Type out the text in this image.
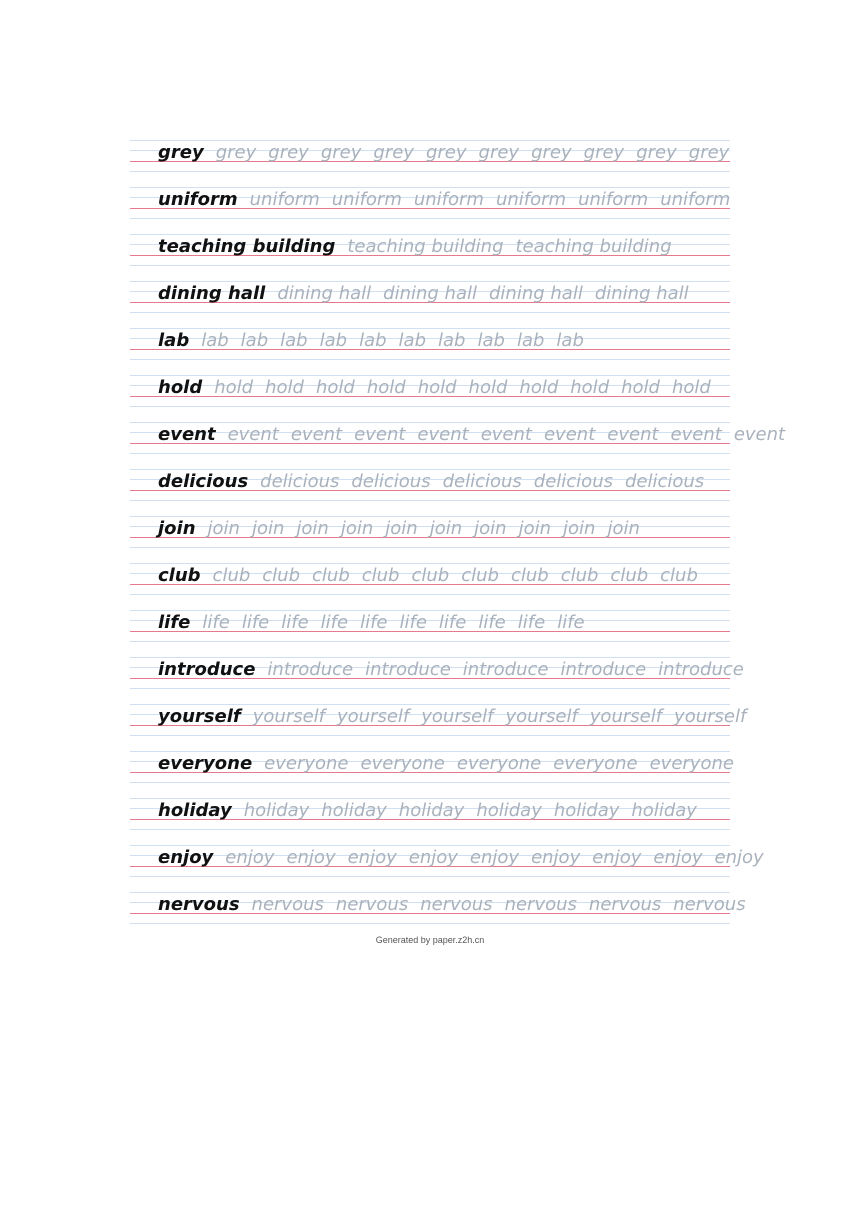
grey grey grey grey grey grey grey grey grey grey grey
uniform uniform uniform uniform uniform uniform uniform
teaching building teaching building teaching building
dining hall dining hall dining hall dining hall dining hall
lab lab lab lab lab lab lab lab lab lab lab
hold hold hold hold hold hold hold hold hold hold hold
event event event event event event event event event event
delicious delicious delicious delicious delicious delicious
join join join join join join join join join join join
club club club club club club club club club club club
life life life life life life life life life life life
introduce introduce introduce introduce introduce introduce
yourself yourself yourself yourself yourself yourself yourself
everyone everyone everyone everyone everyone everyone
holiday holiday holiday holiday holiday holiday holiday
enjoy enjoy enjoy enjoy enjoy enjoy enjoy enjoy enjoy enjoy
nervous nervous nervous nervous nervous nervous nervous
Generated by paper.z2h.cn
